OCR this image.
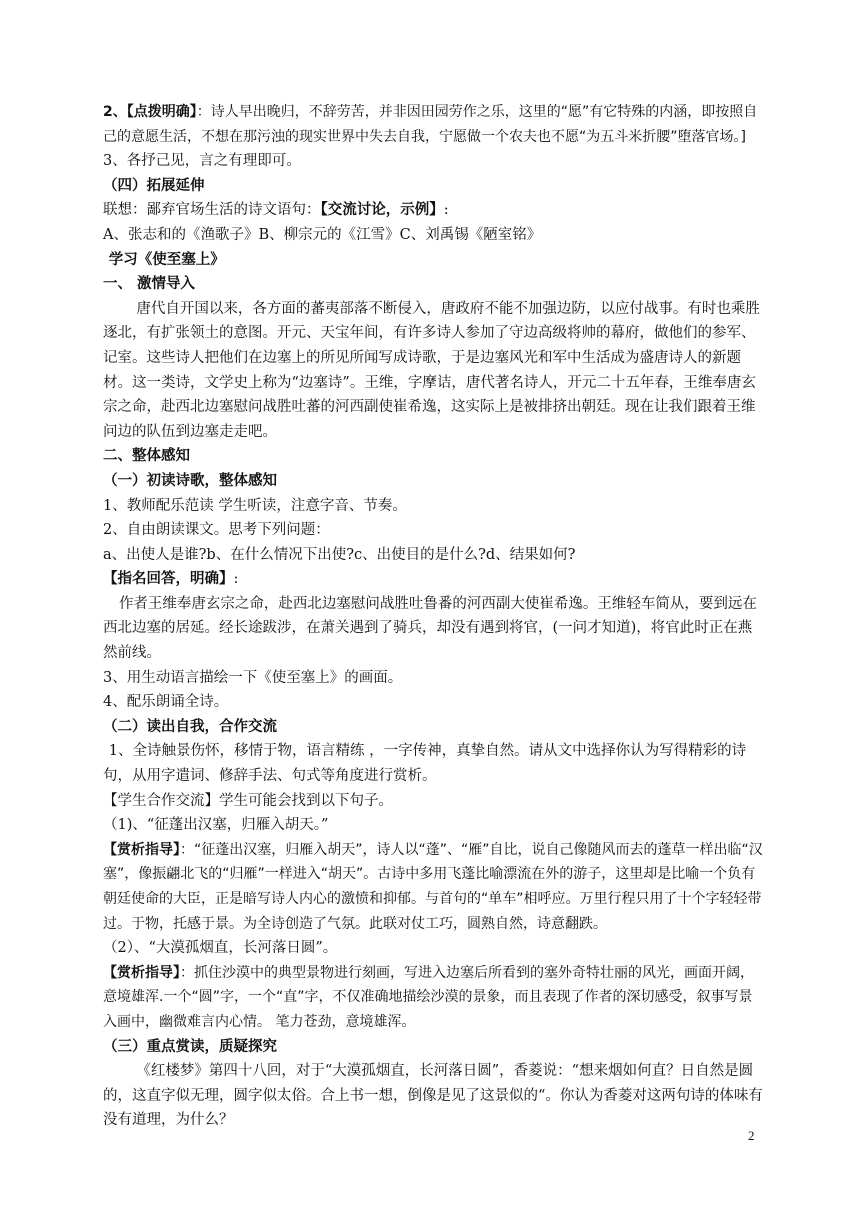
2、【点拨明确】：诗人早出晚归，不辞劳苦，并非因田园劳作之乐，这里的“愿”有它特殊的内涵，即按照自己的意愿生活，不想在那污浊的现实世界中失去自我，宁愿做一个农夫也不愿“为五斗米折腰”堕落官场。]
3、各抒己见，言之有理即可。
（四）拓展延伸
联想：鄙弃官场生活的诗文语句：【交流讨论，示例】:
A、张志和的《渔歌子》B、柳宗元的《江雪》C、刘禹锡《陋室铭》
学习《使至塞上》
一、 激情导入
唐代自开国以来，各方面的蕃夷部落不断侵入，唐政府不能不加强边防，以应付战事。有时也乘胜逐北，有扩张领土的意图。开元、天宝年间，有许多诗人参加了守边高级将帅的幕府，做他们的参军、记室。这些诗人把他们在边塞上的所见所闻写成诗歌，于是边塞风光和军中生活成为盛唐诗人的新题材。这一类诗，文学史上称为“边塞诗”。王维，字摩诘，唐代著名诗人，开元二十五年春，王维奉唐玄宗之命，赴西北边塞慰问战胜吐蕃的河西副使崔希逸，这实际上是被排挤出朝廷。现在让我们跟着王维问边的队伍到边塞走走吧。
二、整体感知
（一）初读诗歌，整体感知
1、教师配乐范读 学生听读，注意字音、节奏。
2、自由朗读课文。思考下列问题：
a、出使人是谁?b、在什么情况下出使?c、出使目的是什么?d、结果如何?
【指名回答，明确】:
作者王维奉唐玄宗之命，赴西北边塞慰问战胜吐鲁番的河西副大使崔希逸。王维轻车简从，要到远在西北边塞的居延。经长途跋涉，在萧关遇到了骑兵，却没有遇到将官，(一问才知道)，将官此时正在燕然前线。
3、用生动语言描绘一下《使至塞上》的画面。
4、配乐朗诵全诗。
（二）读出自我，合作交流
1、全诗触景伤怀，移情于物，语言精练 ，一字传神，真挚自然。请从文中选择你认为写得精彩的诗句，从用字遣词、修辞手法、句式等角度进行赏析。
【学生合作交流】学生可能会找到以下句子。
（1)、“征蓬出汉塞，归雁入胡天。”
【赏析指导】：“征蓬出汉塞，归雁入胡天”，诗人以“蓬”、“雁”自比，说自己像随风而去的蓬草一样出临“汉塞”，像振翩北飞的“归雁”一样进入“胡天”。古诗中多用飞蓬比喻漂流在外的游子，这里却是比喻一个负有朝廷使命的大臣，正是暗写诗人内心的激愤和抑郁。与首句的“单车”相呼应。万里行程只用了十个字轻轻带过。于物，托感于景。为全诗创造了气氛。此联对仗工巧，圆熟自然，诗意翻跌。
（2）、“大漠孤烟直，长河落日圆”。
【赏析指导】：抓住沙漠中的典型景物进行刻画，写进入边塞后所看到的塞外奇特壮丽的风光，画面开阔，意境雄浑.一个“圆”字，一个“直”字，不仅准确地描绘沙漠的景象，而且表现了作者的深切感受，叙事写景入画中，幽微难言内心情。 笔力苍劲，意境雄浑。
（三）重点赏读，质疑探究
《红楼梦》第四十八回，对于“大漠孤烟直，长河落日圆”，香菱说：“想来烟如何直？日自然是圆的，这直字似无理，圆字似太俗。合上书一想，倒像是见了这景似的“。你认为香菱对这两句诗的体味有没有道理，为什么？
2
